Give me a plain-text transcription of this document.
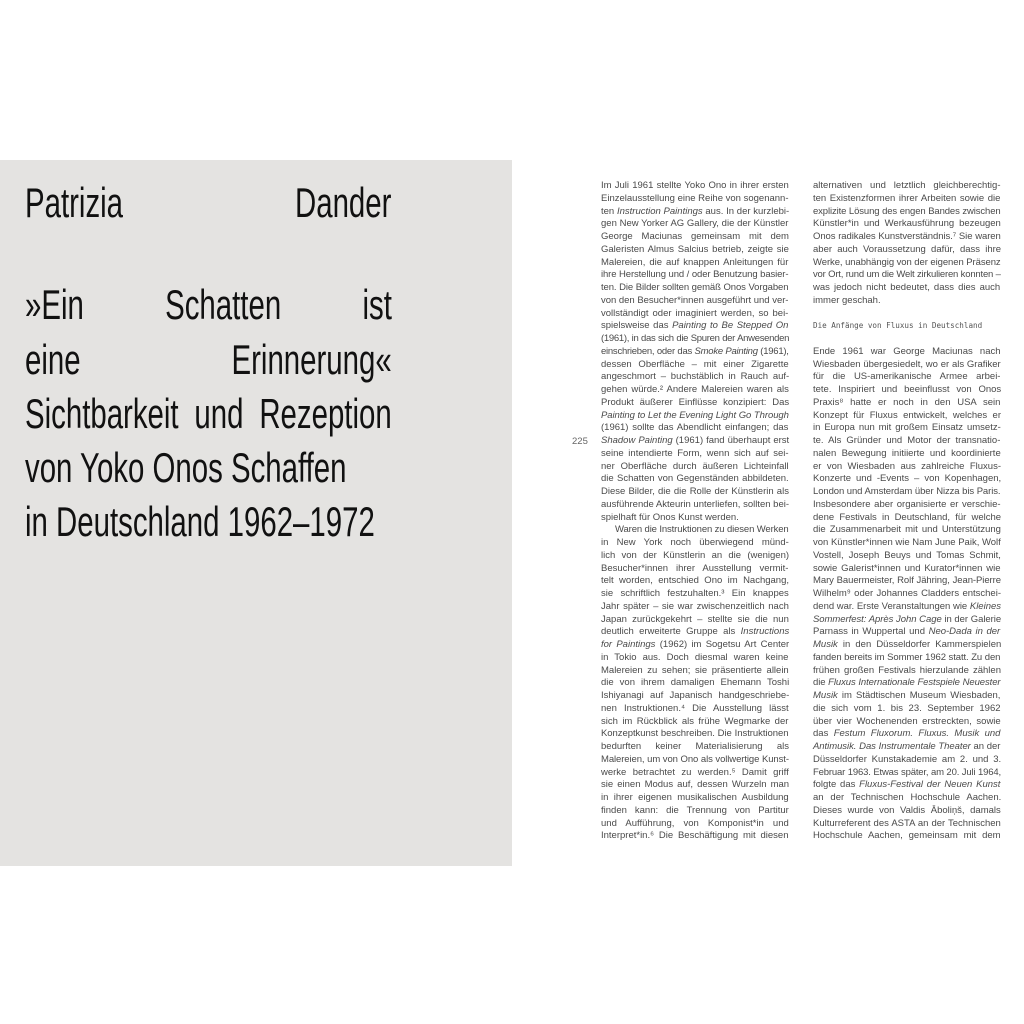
Patrizia	Dander
»Ein Schatten ist
eine Erinnerung«
Sichtbarkeit und Rezeption
von Yoko Onos Schaffen
in Deutschland 1962–1972
225
Im Juli 1961 stellte Yoko Ono in ihrer ersten
Einzelausstellung eine Reihe von sogenann-
ten Instruction Paintings aus. In der kurzlebi-
gen New Yorker AG Gallery, die der Künstler
George Maciunas gemeinsam mit dem
Galeristen Almus Salcius betrieb, zeigte sie
Malereien, die auf knappen Anleitungen für
ihre Herstellung und / oder Benutzung basier-
ten. Die Bilder sollten gemäß Onos Vorgaben
von den Besucher*innen ausgeführt und ver-
vollständigt oder imaginiert werden, so bei-
spielsweise das Painting to Be Stepped On
(1961), in das sich die Spuren der Anwesenden
einschrieben, oder das Smoke Painting (1961),
dessen Oberfläche – mit einer Zigarette
angeschmort – buchstäblich in Rauch auf-
gehen würde.² Andere Malereien waren als
Produkt äußerer Einflüsse konzipiert: Das
Painting to Let the Evening Light Go Through
(1961) sollte das Abendlicht einfangen; das
Shadow Painting (1961) fand überhaupt erst
seine intendierte Form, wenn sich auf sei-
ner Oberfläche durch äußeren Lichteinfall
die Schatten von Gegenständen abbildeten.
Diese Bilder, die die Rolle der Künstlerin als
ausführende Akteurin unterliefen, sollten bei-
spielhaft für Onos Kunst werden.
Waren die Instruktionen zu diesen Werken
in New York noch überwiegend münd-
lich von der Künstlerin an die (wenigen)
Besucher*innen ihrer Ausstellung vermit-
telt worden, entschied Ono im Nachgang,
sie schriftlich festzuhalten.³ Ein knappes
Jahr später – sie war zwischenzeitlich nach
Japan zurückgekehrt – stellte sie die nun
deutlich erweiterte Gruppe als Instructions
for Paintings (1962) im Sogetsu Art Center
in Tokio aus. Doch diesmal waren keine
Malereien zu sehen; sie präsentierte allein
die von ihrem damaligen Ehemann Toshi
Ishiyanagi auf Japanisch handgeschriebe-
nen Instruktionen.⁴ Die Ausstellung lässt
sich im Rückblick als frühe Wegmarke der
Konzeptkunst beschreiben. Die Instruktionen
bedurften keiner Materialisierung als
Malereien, um von Ono als vollwertige Kunst-
werke betrachtet zu werden.⁵ Damit griff
sie einen Modus auf, dessen Wurzeln man
in ihrer eigenen musikalischen Ausbildung
finden kann: die Trennung von Partitur
und Aufführung, von Komponist*in und
Interpret*in.⁶ Die Beschäftigung mit diesen
alternativen und letztlich gleichberechtig-
ten Existenzformen ihrer Arbeiten sowie die
explizite Lösung des engen Bandes zwischen
Künstler*in und Werkausführung bezeugen
Onos radikales Kunstverständnis.⁷ Sie waren
aber auch Voraussetzung dafür, dass ihre
Werke, unabhängig von der eigenen Präsenz
vor Ort, rund um die Welt zirkulieren konnten –
was jedoch nicht bedeutet, dass dies auch
immer geschah.

Die Anfänge von Fluxus in Deutschland

Ende 1961 war George Maciunas nach
Wiesbaden übergesiedelt, wo er als Grafiker
für die US-amerikanische Armee arbei-
tete. Inspiriert und beeinflusst von Onos
Praxis⁸ hatte er noch in den USA sein
Konzept für Fluxus entwickelt, welches er
in Europa nun mit großem Einsatz umsetz-
te. Als Gründer und Motor der transnatio-
nalen Bewegung initiierte und koordinierte
er von Wiesbaden aus zahlreiche Fluxus-
Konzerte und -Events – von Kopenhagen,
London und Amsterdam über Nizza bis Paris.
Insbesondere aber organisierte er verschie-
dene Festivals in Deutschland, für welche
die Zusammenarbeit mit und Unterstützung
von Künstler*innen wie Nam June Paik, Wolf
Vostell, Joseph Beuys und Tomas Schmit,
sowie Galerist*innen und Kurator*innen wie
Mary Bauermeister, Rolf Jähring, Jean-Pierre
Wilhelm⁹ oder Johannes Cladders entschei-
dend war. Erste Veranstaltungen wie Kleines
Sommerfest: Après John Cage in der Galerie
Parnass in Wuppertal und Neo-Dada in der
Musik in den Düsseldorfer Kammerspielen
fanden bereits im Sommer 1962 statt. Zu den
frühen großen Festivals hierzulande zählen
die Fluxus Internationale Festspiele Neuester
Musik im Städtischen Museum Wiesbaden,
die sich vom 1. bis 23. September 1962
über vier Wochenenden erstreckten, sowie
das Festum Fluxorum. Fluxus. Musik und
Antimusik. Das Instrumentale Theater an der
Düsseldorfer Kunstakademie am 2. und 3.
Februar 1963. Etwas später, am 20. Juli 1964,
folgte das Fluxus-Festival der Neuen Kunst
an der Technischen Hochschule Aachen.
Dieses wurde von Valdis Āboliņš, damals
Kulturreferent des ASTA an der Technischen
Hochschule Aachen, gemeinsam mit dem
